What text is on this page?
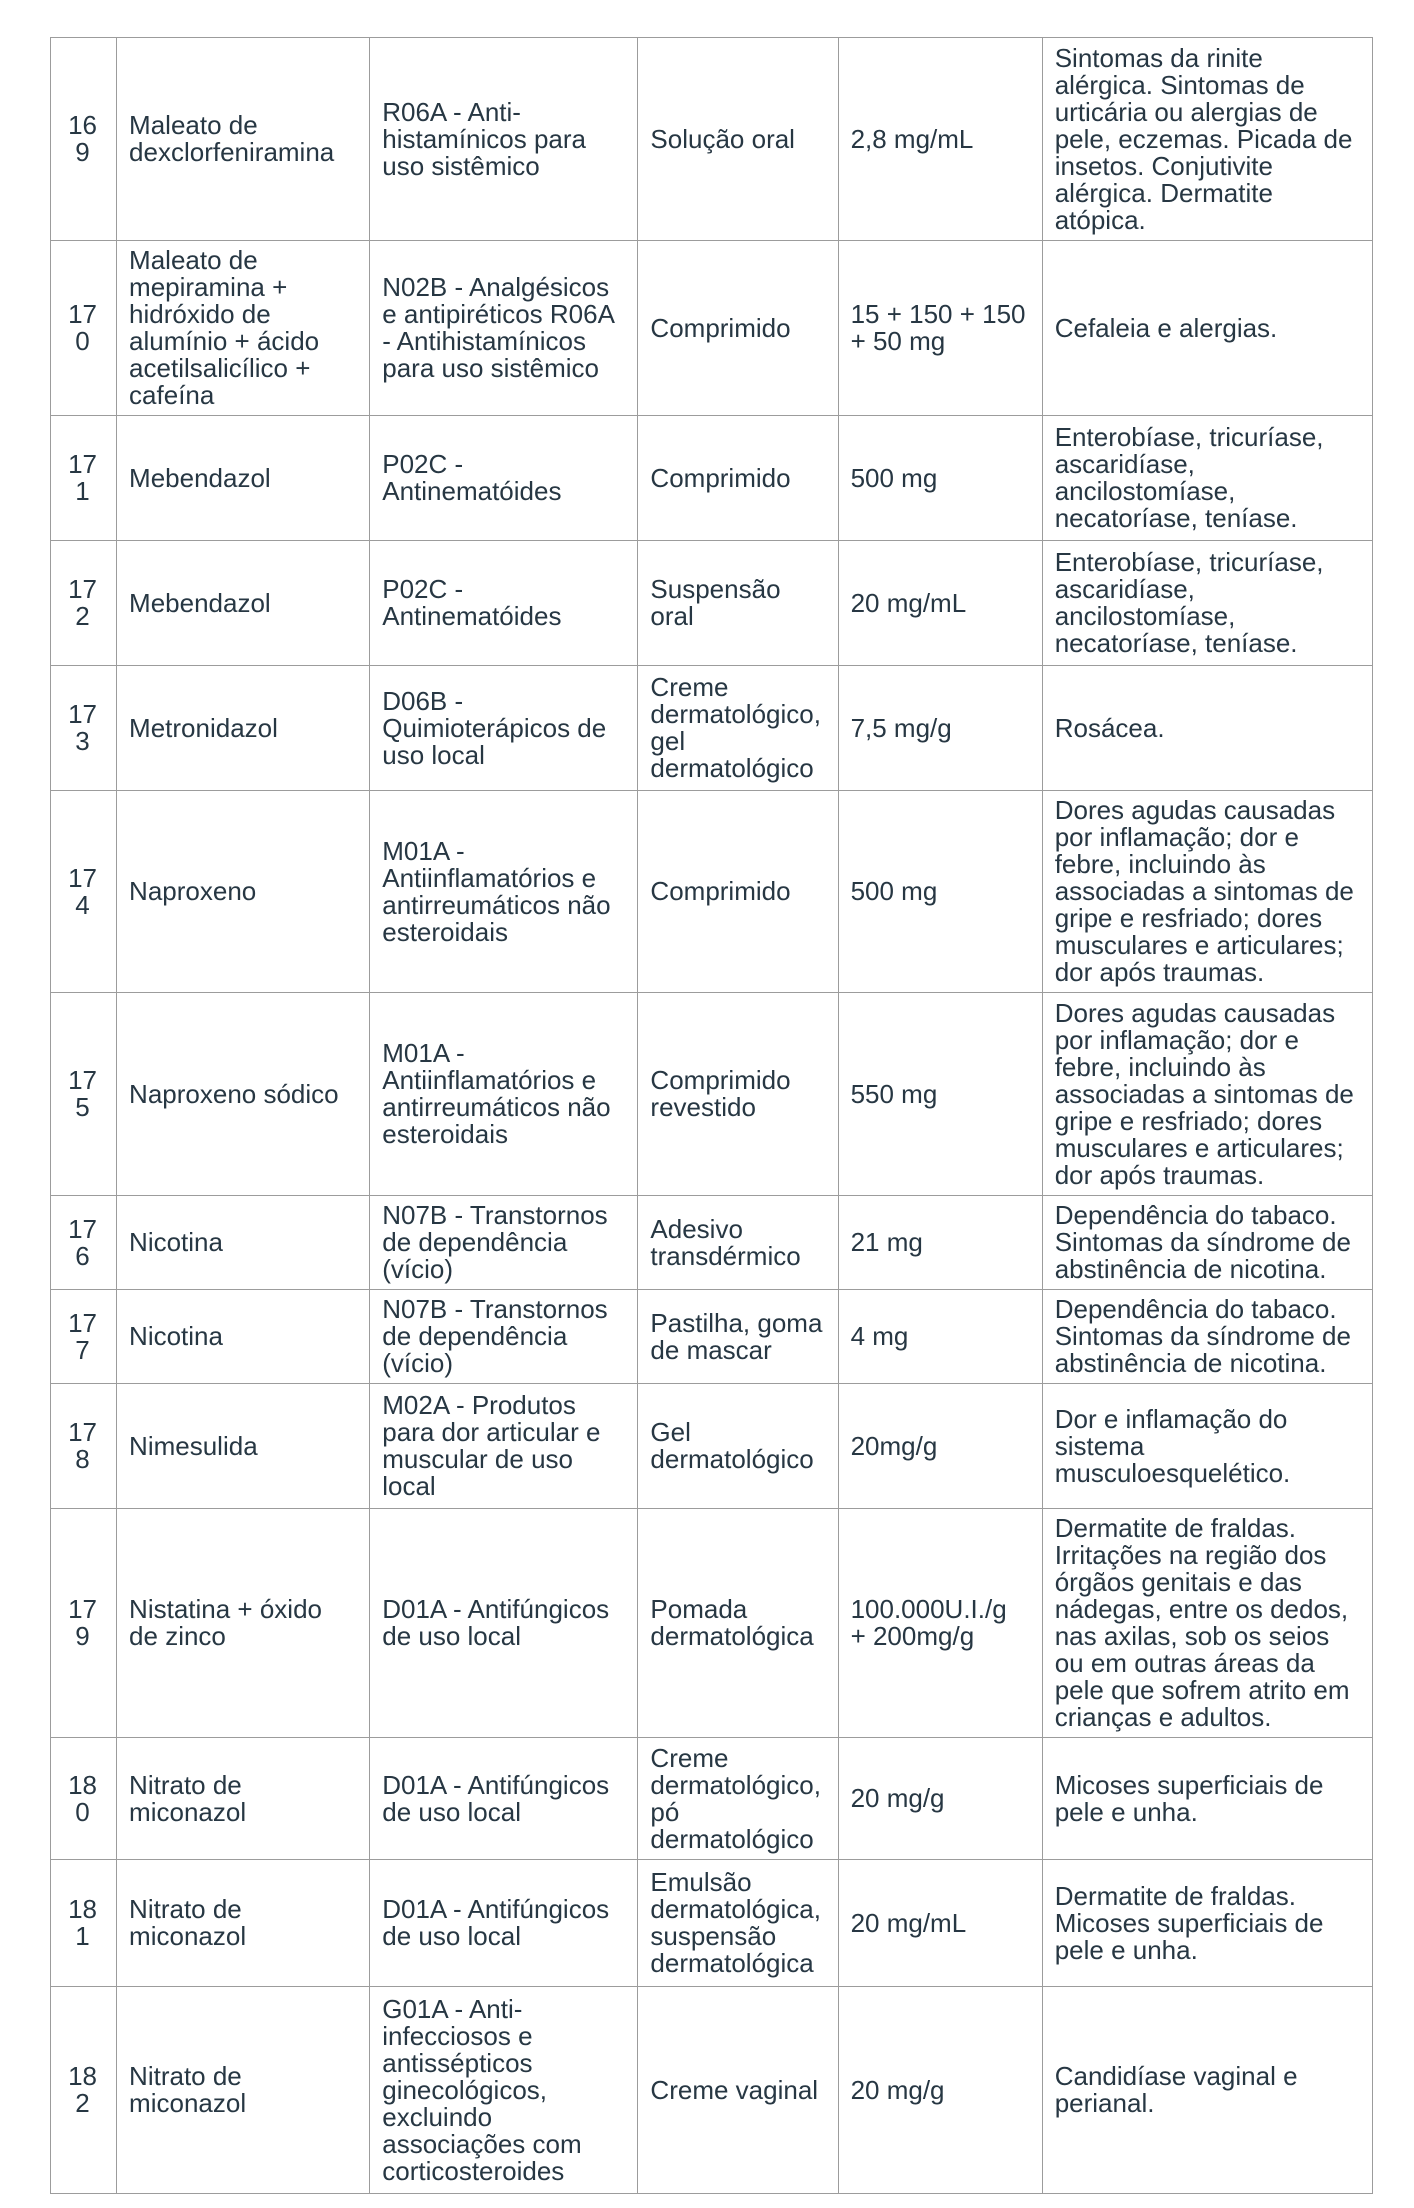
169	Maleato de dexclorfeniramina	R06A - Anti-histamínicos para uso sistêmico	Solução oral	2,8 mg/mL	Sintomas da rinite alérgica. Sintomas de urticária ou alergias de pele, eczemas. Picada de insetos. Conjutivite alérgica. Dermatite atópica.
170	Maleato de mepiramina + hidróxido de alumínio + ácido acetilsalicílico + cafeína	N02B - Analgésicos e antipiréticos R06A - Antihistamínicos para uso sistêmico	Comprimido	15 + 150 + 150 + 50 mg	Cefaleia e alergias.
171	Mebendazol	P02C - Antinematóides	Comprimido	500 mg	Enterobíase, tricuríase, ascaridíase, ancilostomíase, necatoríase, teníase.
172	Mebendazol	P02C - Antinematóides	Suspensão oral	20 mg/mL	Enterobíase, tricuríase, ascaridíase, ancilostomíase, necatoríase, teníase.
173	Metronidazol	D06B - Quimioterápicos de uso local	Creme dermatológico, gel dermatológico	7,5 mg/g	Rosácea.
174	Naproxeno	M01A - Antiinflamatórios e antirreumáticos não esteroidais	Comprimido	500 mg	Dores agudas causadas por inflamação; dor e febre, incluindo às associadas a sintomas de gripe e resfriado; dores musculares e articulares; dor após traumas.
175	Naproxeno sódico	M01A - Antiinflamatórios e antirreumáticos não esteroidais	Comprimido revestido	550 mg	Dores agudas causadas por inflamação; dor e febre, incluindo às associadas a sintomas de gripe e resfriado; dores musculares e articulares; dor após traumas.
176	Nicotina	N07B - Transtornos de dependência (vício)	Adesivo transdérmico	21 mg	Dependência do tabaco. Sintomas da síndrome de abstinência de nicotina.
177	Nicotina	N07B - Transtornos de dependência (vício)	Pastilha, goma de mascar	4 mg	Dependência do tabaco. Sintomas da síndrome de abstinência de nicotina.
178	Nimesulida	M02A - Produtos para dor articular e muscular de uso local	Gel dermatológico	20mg/g	Dor e inflamação do sistema musculoesquelético.
179	Nistatina + óxido de zinco	D01A - Antifúngicos de uso local	Pomada dermatológica	100.000U.I./g + 200mg/g	Dermatite de fraldas. Irritações na região dos órgãos genitais e das nádegas, entre os dedos, nas axilas, sob os seios ou em outras áreas da pele que sofrem atrito em crianças e adultos.
180	Nitrato de miconazol	D01A - Antifúngicos de uso local	Creme dermatológico, pó dermatológico	20 mg/g	Micoses superficiais de pele e unha.
181	Nitrato de miconazol	D01A - Antifúngicos de uso local	Emulsão dermatológica, suspensão dermatológica	20 mg/mL	Dermatite de fraldas. Micoses superficiais de pele e unha.
182	Nitrato de miconazol	G01A - Anti-infecciosos e antissépticos ginecológicos, excluindo associações com corticosteroides	Creme vaginal	20 mg/g	Candidíase vaginal e perianal.
